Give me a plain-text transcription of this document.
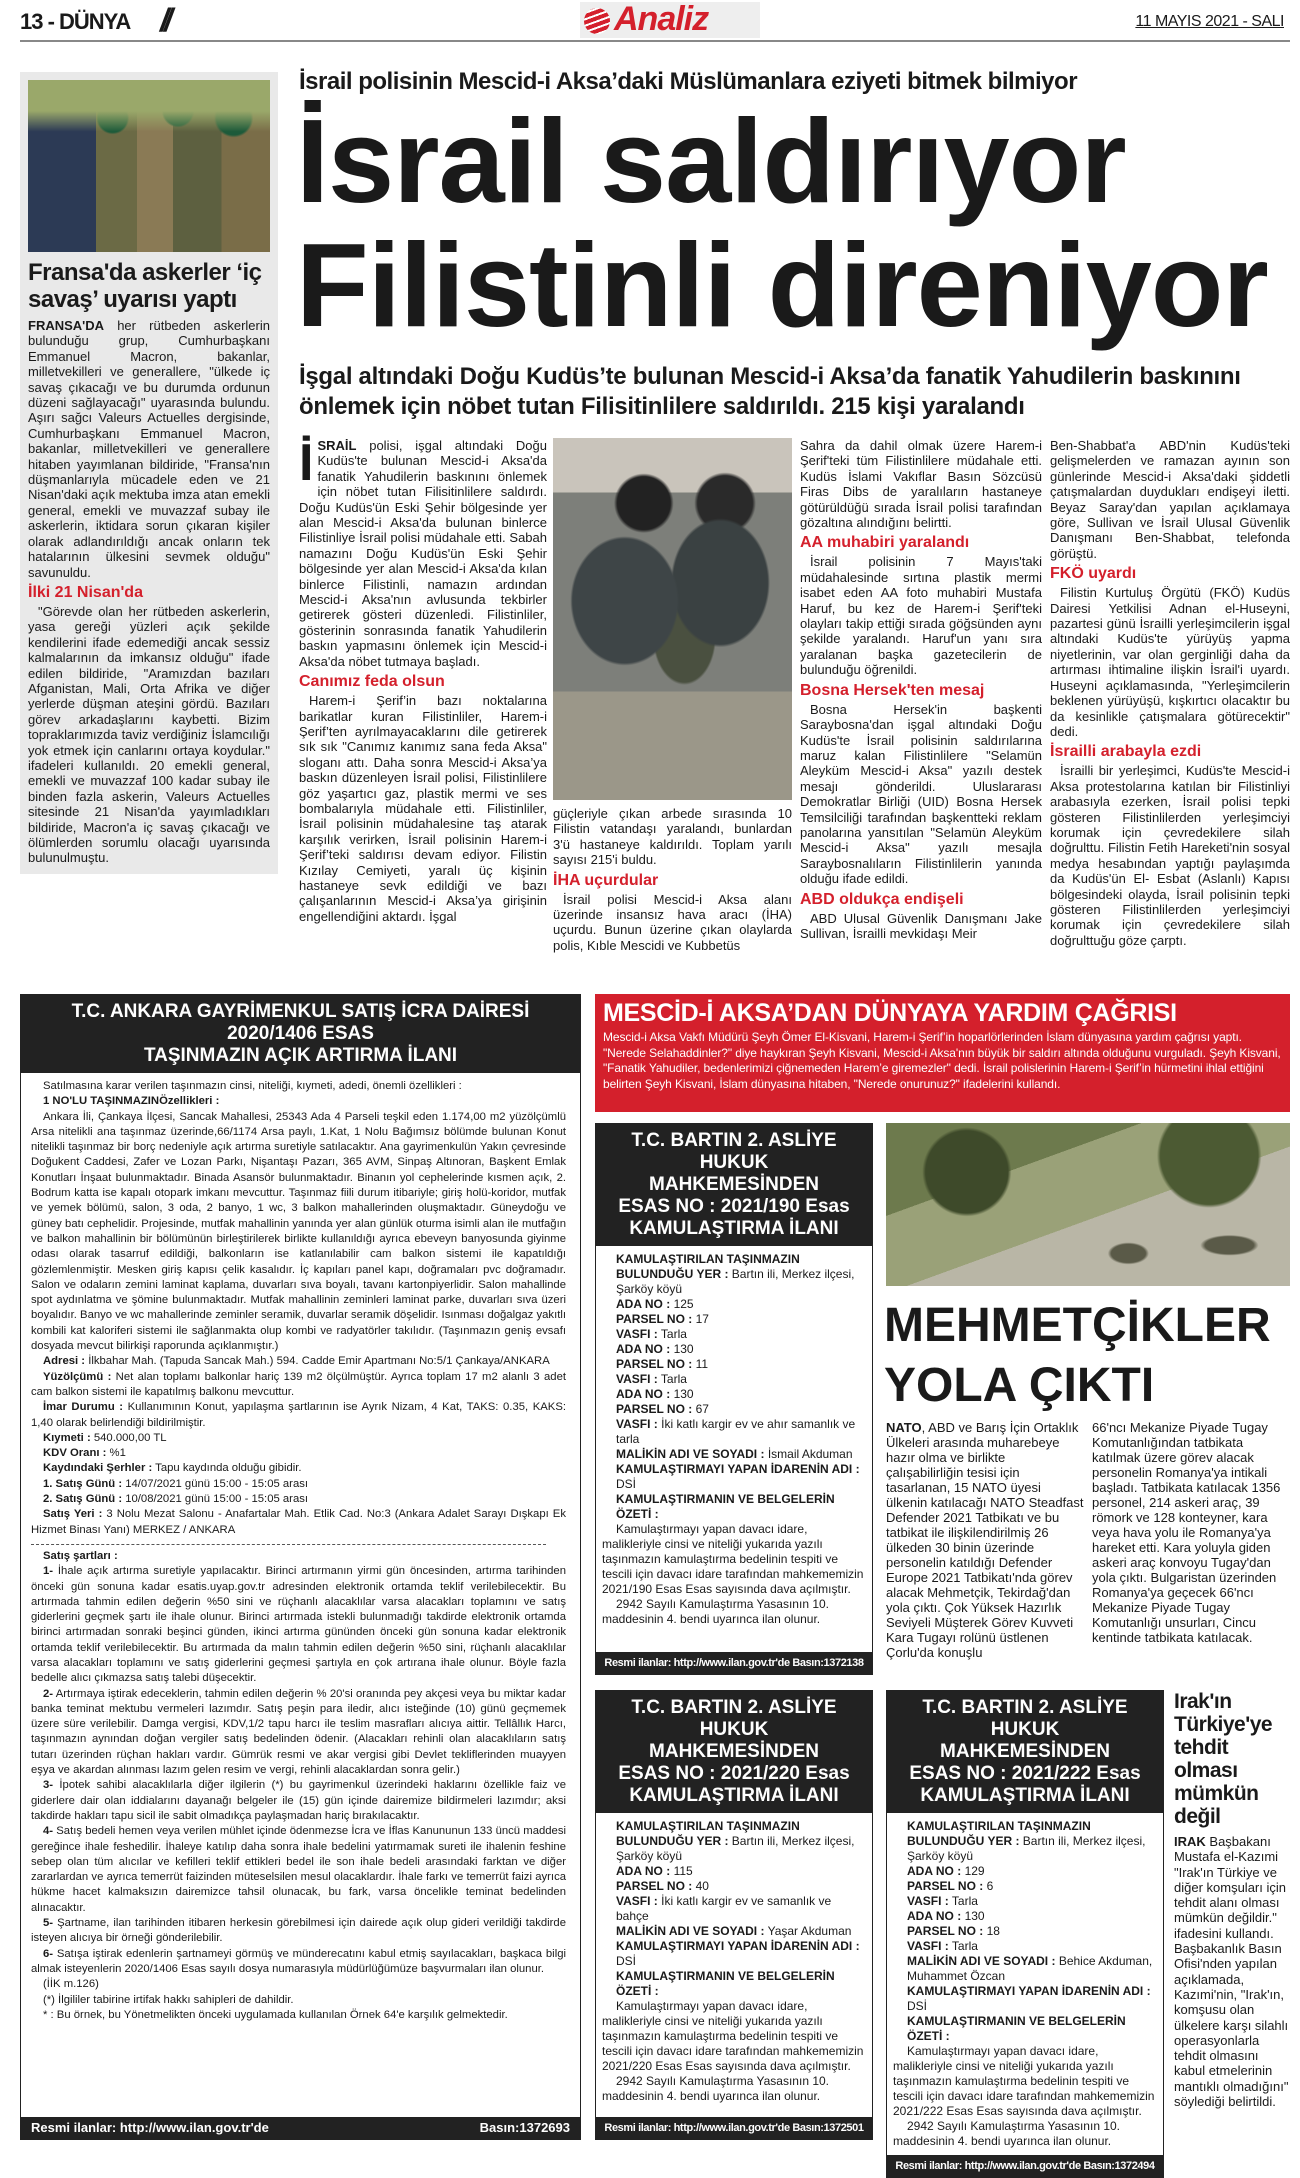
13 - DÜNYA //	Analiz	11 MAYIS 2021 - SALI
Fransa'da askerler ‘iç savaş’ uyarısı yaptı

FRANSA'DA her rütbeden askerlerin bulunduğu grup, Cumhurbaşkanı Emmanuel Macron, bakanlar, milletvekilleri ve generallere, "ülkede iç savaş çıkacağı ve bu durumda ordunun düzeni sağlayacağı" uyarasında bulundu. Aşırı sağcı Valeurs Actuelles dergisinde, Cumhurbaşkanı Emmanuel Macron, bakanlar, milletvekilleri ve generallere hitaben yayımlanan bildiride, "Fransa'nın düşmanlarıyla mücadele eden ve 21 Nisan'daki açık mektuba imza atan emekli general, emekli ve muvazzaf subay ile askerlerin, iktidara sorun çıkaran kişiler olarak adlandırıldığı ancak onların tek hatalarının ülkesini sevmek olduğu" savunuldu.

İlki 21 Nisan'da

"Görevde olan her rütbeden askerlerin, yasa gereği yüzleri açık şekilde kendilerini ifade edemediği ancak sessiz kalmalarının da imkansız olduğu" ifade edilen bildiride, "Aramızdan bazıları Afganistan, Mali, Orta Afrika ve diğer yerlerde düşman ateşini gördü. Bazıları görev arkadaşlarını kaybetti. Bizim topraklarımızda taviz verdiğiniz İslamcılığı yok etmek için canlarını ortaya koydular." ifadeleri kullanıldı. 20 emekli general, emekli ve muvazzaf 100 kadar subay ile binden fazla askerin, Valeurs Actuelles sitesinde 21 Nisan'da yayımladıkları bildiride, Macron'a iç savaş çıkacağı ve ölümlerden sorumlu olacağı uyarısında bulunulmuştu.

İsrail polisinin Mescid-i Aksa’daki Müslümanlara eziyeti bitmek bilmiyor
İsrail saldırıyor
Filistinli direniyor
İşgal altındaki Doğu Kudüs’te bulunan Mescid-i Aksa’da fanatik Yahudilerin baskınını önlemek için nöbet tutan Filisitinlilere saldırıldı. 215 kişi yaralandı

İSRAİL polisi, işgal altındaki Doğu Kudüs'te bulunan Mescid-i Aksa'da fanatik Yahudilerin baskınını önlemek için nöbet tutan Filisitinlilere saldırdı. Doğu Kudüs'ün Eski Şehir bölgesinde yer alan Mescid-i Aksa'da bulunan binlerce Filistinliye İsrail polisi müdahale etti. Sabah namazını Doğu Kudüs'ün Eski Şehir bölgesinde yer alan Mescid-i Aksa'da kılan binlerce Filistinli, namazın ardından Mescid-i Aksa'nın avlusunda tekbirler getirerek gösteri düzenledi. Filistinliler, gösterinin sonrasında fanatik Yahudilerin baskın yapmasını önlemek için Mescid-i Aksa'da nöbet tutmaya başladı.

Canımız feda olsun

Harem-i Şerif’in bazı noktalarına barikatlar kuran Filistinliler, Harem-i Şerif’ten ayrılmayacaklarını dile getirerek sık sık "Canımız kanımız sana feda Aksa" sloganı attı. Daha sonra Mescid-i Aksa’ya baskın düzenleyen İsrail polisi, Filistinlilere göz yaşartıcı gaz, plastik mermi ve ses bombalarıyla müdahale etti. Filistinliler, İsrail polisinin müdahalesine taş atarak karşılık verirken, İsrail polisinin Harem-i Şerif’teki saldırısı devam ediyor. Filistin Kızılay Cemiyeti, yaralı üç kişinin hastaneye sevk edildiği ve bazı çalışanlarının Mescid-i Aksa’ya girişinin engellendiğini aktardı. İşgal

güçleriyle çıkan arbede sırasında 10 Filistin vatandaşı yaralandı, bunlardan 3'ü hastaneye kaldırıldı. Toplam yarılı sayısı 215'i buldu.

İHA uçurdular

İsrail polisi Mescid-i Aksa alanı üzerinde insansız hava aracı (İHA) uçurdu. Bunun üzerine çıkan olaylarda polis, Kıble Mescidi ve Kubbetüs

Sahra da dahil olmak üzere Harem-i Şerif'teki tüm Filistinlilere müdahale etti. Kudüs İslami Vakıflar Basın Sözcüsü Firas Dibs de yaralıların hastaneye götürüldüğü sırada İsrail polisi tarafından gözaltına alındığını belirtti.

AA muhabiri yaralandı

İsrail polisinin 7 Mayıs'taki müdahalesinde sırtına plastik mermi isabet eden AA foto muhabiri Mustafa Haruf, bu kez de Harem-i Şerif'teki olayları takip ettiği sırada göğsünden aynı şekilde yaralandı. Haruf'un yanı sıra yaralanan başka gazetecilerin de bulunduğu öğrenildi.

Bosna Hersek'ten mesaj

Bosna Hersek'in başkenti Saraybosna'dan işgal altındaki Doğu Kudüs'te İsrail polisinin saldırılarına maruz kalan Filistinlilere "Selamün Aleyküm Mescid-i Aksa" yazılı destek mesajı gönderildi. Uluslararası Demokratlar Birliği (UID) Bosna Hersek Temsilciliği tarafından başkentteki reklam panolarına yansıtılan "Selamün Aleyküm Mescid-i Aksa" yazılı mesajla Saraybosnalıların Filistinlilerin yanında olduğu ifade edildi.

ABD oldukça endişeli

ABD Ulusal Güvenlik Danışmanı Jake Sullivan, İsrailli mevkidaşı Meir

Ben-Shabbat'a ABD'nin Kudüs'teki gelişmelerden ve ramazan ayının son günlerinde Mescid-i Aksa'daki şiddetli çatışmalardan duydukları endişeyi iletti. Beyaz Saray'dan yapılan açıklamaya göre, Sullivan ve İsrail Ulusal Güvenlik Danışmanı Ben-Shabbat, telefonda görüştü.

FKÖ uyardı

Filistin Kurtuluş Örgütü (FKÖ) Kudüs Dairesi Yetkilisi Adnan el-Huseyni, pazartesi günü İsrailli yerleşimcilerin işgal altındaki Kudüs'te yürüyüş yapma niyetlerinin, var olan gerginliği daha da artırması ihtimaline ilişkin İsrail'i uyardı. Huseyni açıklamasında, "Yerleşimcilerin beklenen yürüyüşü, kışkırtıcı olacaktır bu da kesinlikle çatışmalara götürecektir" dedi.

İsrailli arabayla ezdi

İsrailli bir yerleşimci, Kudüs'te Mescid-i Aksa protestolarına katılan bir Filistinliyi arabasıyla ezerken, İsrail polisi tepki gösteren Filistinlilerden yerleşimciyi korumak için çevredekilere silah doğrulttu. Filistin Fetih Hareketi'nin sosyal medya hesabından yaptığı paylaşımda da Kudüs'ün El- Esbat (Aslanlı) Kapısı bölgesindeki olayda, İsrail polisinin tepki gösteren Filistinlilerden yerleşimciyi korumak için çevredekilere silah doğrulttuğu göze çarptı.

T.C. ANKARA GAYRİMENKUL SATIŞ İCRA DAİRESİ
2020/1406 ESAS
TAŞINMAZIN AÇIK ARTIRMA İLANI

Satılmasına karar verilen taşınmazın cinsi, niteliği, kıymeti, adedi, önemli özellikleri :

1 NO'LU TAŞINMAZINÖzellikleri :

Ankara İli, Çankaya İlçesi, Sancak Mahallesi, 25343 Ada 4 Parseli teşkil eden 1.174,00 m2 yüzölçümlü Arsa nitelikli ana taşınmaz üzerinde,66/1174 Arsa paylı, 1.Kat, 1 Nolu Bağımsız bölümde bulunan Konut nitelikli taşınmaz bir borç nedeniyle açık artırma suretiyle satılacaktır. Ana gayrimenkulün Yakın çevresinde Doğukent Caddesi, Zafer ve Lozan Parkı, Nişantaşı Pazarı, 365 AVM, Sinpaş Altınoran, Başkent Emlak Konutları İnşaat bulunmaktadır. Binada Asansör bulunmaktadır. Binanın yol cephelerinde kısmen açık, 2. Bodrum katta ise kapalı otopark imkanı mevcuttur. Taşınmaz fiili durum itibariyle; giriş holü-koridor, mutfak ve yemek bölümü, salon, 3 oda, 2 banyo, 1 wc, 3 balkon mahallerinden oluşmaktadır. Güneydoğu ve güney batı cephelidir. Projesinde, mutfak mahallinin yanında yer alan günlük oturma isimli alan ile mutfağın ve balkon mahallinin bir bölümünün birleştirilerek birlikte kullanıldığı ayrıca ebeveyn banyosunda giyinme odası olarak tasarruf edildiği, balkonların ise katlanılabilir cam balkon sistemi ile kapatıldığı gözlemlenmiştir. Mesken giriş kapısı çelik kasalıdır. İç kapıları panel kapı, doğramaları pvc doğramadır. Salon ve odaların zemini laminat kaplama, duvarları sıva boyalı, tavanı kartonpiyerlidir. Salon mahallinde spot aydınlatma ve şömine bulunmaktadır. Mutfak mahallinin zeminleri laminat parke, duvarları sıva üzeri boyalıdır. Banyo ve wc mahallerinde zeminler seramik, duvarlar seramik döşelidir. Isınması doğalgaz yakıtlı kombili kat kaloriferi sistemi ile sağlanmakta olup kombi ve radyatörler takılıdır. (Taşınmazın geniş evsafı dosyada mevcut bilirkişi raporunda açıklanmıştır.)

Adresi : İlkbahar Mah. (Tapuda Sancak Mah.) 594. Cadde Emir Apartmanı No:5/1 Çankaya/ANKARA

Yüzölçümü : Net alan toplamı balkonlar hariç 139 m2 ölçülmüştür. Ayrıca toplam 17 m2 alanlı 3 adet cam balkon sistemi ile kapatılmış balkonu mevcuttur.

İmar Durumu : Kullanımının Konut, yapılaşma şartlarının ise Ayrık Nizam, 4 Kat, TAKS: 0.35, KAKS: 1,40 olarak belirlendiği bildirilmiştir.

Kıymeti : 540.000,00 TL

KDV Oranı : %1

Kaydındaki Şerhler : Tapu kaydında olduğu gibidir.

1. Satış Günü : 14/07/2021 günü 15:00 - 15:05 arası

2. Satış Günü : 10/08/2021 günü 15:00 - 15:05 arası

Satış Yeri : 3 Nolu Mezat Salonu - Anafartalar Mah. Etlik Cad. No:3 (Ankara Adalet Sarayı Dışkapı Ek Hizmet Binası Yanı) MERKEZ / ANKARA

Satış şartları :

1- İhale açık artırma suretiyle yapılacaktır. Birinci artırmanın yirmi gün öncesinden, artırma tarihinden önceki gün sonuna kadar esatis.uyap.gov.tr adresinden elektronik ortamda teklif verilebilecektir. Bu artırmada tahmin edilen değerin %50 sini ve rüçhanlı alacaklılar varsa alacakları toplamını ve satış giderlerini geçmek şartı ile ihale olunur. Birinci artırmada istekli bulunmadığı takdirde elektronik ortamda birinci artırmadan sonraki beşinci günden, ikinci artırma gününden önceki gün sonuna kadar elektronik ortamda teklif verilebilecektir. Bu artırmada da malın tahmin edilen değerin %50 sini, rüçhanlı alacaklılar varsa alacakları toplamını ve satış giderlerini geçmesi şartıyla en çok artırana ihale olunur. Böyle fazla bedelle alıcı çıkmazsa satış talebi düşecektir.

2- Artırmaya iştirak edeceklerin, tahmin edilen değerin % 20'si oranında pey akçesi veya bu miktar kadar banka teminat mektubu vermeleri lazımdır. Satış peşin para iledir, alıcı isteğinde (10) günü geçmemek üzere süre verilebilir. Damga vergisi, KDV,1/2 tapu harcı ile teslim masrafları alıcıya aittir. Tellâllık Harcı, taşınmazın aynından doğan vergiler satış bedelinden ödenir. (Alacakları rehinli olan alacaklıların satış tutarı üzerinden rüçhan hakları vardır. Gümrük resmi ve akar vergisi gibi Devlet tekliflerinden muayyen eşya ve akardan alınması lazım gelen resim ve vergi, rehinli alacaklardan sonra gelir.)

3- İpotek sahibi alacaklılarla diğer ilgilerin (*) bu gayrimenkul üzerindeki haklarını özellikle faiz ve giderlere dair olan iddialarını dayanağı belgeler ile (15) gün içinde dairemize bildirmeleri lazımdır; aksi takdirde hakları tapu sicil ile sabit olmadıkça paylaşmadan hariç bırakılacaktır.

4- Satış bedeli hemen veya verilen mühlet içinde ödenmezse İcra ve İflas Kanununun 133 üncü maddesi gereğince ihale feshedilir. İhaleye katılıp daha sonra ihale bedelini yatırmamak sureti ile ihalenin feshine sebep olan tüm alıcılar ve kefilleri teklif ettikleri bedel ile son ihale bedeli arasındaki farktan ve diğer zararlardan ve ayrıca temerrüt faizinden müteselsilen mesul olacaklardır. İhale farkı ve temerrüt faizi ayrıca hükme hacet kalmaksızın dairemizce tahsil olunacak, bu fark, varsa öncelikle teminat bedelinden alınacaktır.

5- Şartname, ilan tarihinden itibaren herkesin görebilmesi için dairede açık olup gideri verildiği takdirde isteyen alıcıya bir örneği gönderilebilir.

6- Satışa iştirak edenlerin şartnameyi görmüş ve münderecatını kabul etmiş sayılacakları, başkaca bilgi almak isteyenlerin 2020/1406 Esas sayılı dosya numarasıyla müdürlüğümüze başvurmaları ilan olunur.

(İİK m.126)

(*) İlgililer tabirine irtifak hakkı sahipleri de dahildir.

* : Bu örnek, bu Yönetmelikten önceki uygulamada kullanılan Örnek 64'e karşılık gelmektedir.

Resmi ilanlar: http://www.ilan.gov.tr'de	Basın:1372693
MESCİD-İ AKSA’DAN DÜNYAYA YARDIM ÇAĞRISI

Mescid-i Aksa Vakfı Müdürü Şeyh Ömer El-Kisvani, Harem-i Şerif’in hoparlörlerinden İslam dünyasına yardım çağrısı yaptı. "Nerede Selahaddinler?" diye haykıran Şeyh Kisvani, Mescid-i Aksa'nın büyük bir saldırı altında olduğunu vurguladı. Şeyh Kisvani, "Fanatik Yahudiler, bedenlerimizi çiğnemeden Harem’e giremezler" dedi. İsrail polislerinin Harem-i Şerif’in hürmetini ihlal ettiğini belirten Şeyh Kisvani, İslam dünyasına hitaben, "Nerede onurunuz?" ifadelerini kullandı.

T.C. BARTIN 2. ASLİYE HUKUK
MAHKEMESİNDEN
ESAS NO : 2021/190 Esas
KAMULAŞTIRMA İLANI
KAMULAŞTIRILAN TAŞINMAZIN BULUNDUĞU YER : Bartın ili, Merkez ilçesi, Şarköy köyü
ADA NO : 125
PARSEL NO : 17
VASFI : Tarla
ADA NO : 130
PARSEL NO : 11
VASFI : Tarla
ADA NO : 130
PARSEL NO : 67
VASFI : İki katlı kargir ev ve ahır samanlık ve tarla
MALİKİN ADI VE SOYADI : İsmail Akduman
KAMULAŞTIRMAYI YAPAN İDARENİN ADI : DSİ
KAMULAŞTIRMANIN VE BELGELERİN ÖZETİ :

Kamulaştırmayı yapan davacı idare, malikleriyle cinsi ve niteliği yukarıda yazılı taşınmazın kamulaştırma bedelinin tespiti ve tescili için davacı idare tarafından mahkememizin 2021/190 Esas Esas sayısında dava açılmıştır.

2942 Sayılı Kamulaştırma Yasasının 10. maddesinin 4. bendi uyarınca ilan olunur.

Resmi ilanlar: http://www.ilan.gov.tr'de Basın:1372138
T.C. BARTIN 2. ASLİYE HUKUK
MAHKEMESİNDEN
ESAS NO : 2021/220 Esas
KAMULAŞTIRMA İLANI
KAMULAŞTIRILAN TAŞINMAZIN BULUNDUĞU YER : Bartın ili, Merkez ilçesi, Şarköy köyü
ADA NO : 115
PARSEL NO : 40
VASFI : İki katlı kargir ev ve samanlık ve bahçe
MALİKİN ADI VE SOYADI : Yaşar Akduman
KAMULAŞTIRMAYI YAPAN İDARENİN ADI : DSİ
KAMULAŞTIRMANIN VE BELGELERİN ÖZETİ :

Kamulaştırmayı yapan davacı idare, malikleriyle cinsi ve niteliği yukarıda yazılı taşınmazın kamulaştırma bedelinin tespiti ve tescili için davacı idare tarafından mahkememizin 2021/220 Esas Esas sayısında dava açılmıştır.

2942 Sayılı Kamulaştırma Yasasının 10. maddesinin 4. bendi uyarınca ilan olunur.

Resmi ilanlar: http://www.ilan.gov.tr'de Basın:1372501
T.C. BARTIN 2. ASLİYE HUKUK
MAHKEMESİNDEN
ESAS NO : 2021/222 Esas
KAMULAŞTIRMA İLANI
KAMULAŞTIRILAN TAŞINMAZIN BULUNDUĞU YER : Bartın ili, Merkez ilçesi, Şarköy köyü
ADA NO : 129
PARSEL NO : 6
VASFI : Tarla
ADA NO : 130
PARSEL NO : 18
VASFI : Tarla
MALİKİN ADI VE SOYADI : Behice Akduman, Muhammet Özcan
KAMULAŞTIRMAYI YAPAN İDARENİN ADI : DSİ
KAMULAŞTIRMANIN VE BELGELERİN ÖZETİ :

Kamulaştırmayı yapan davacı idare, malikleriyle cinsi ve niteliği yukarıda yazılı taşınmazın kamulaştırma bedelinin tespiti ve tescili için davacı idare tarafından mahkememizin 2021/222 Esas Esas sayısında dava açılmıştır.

2942 Sayılı Kamulaştırma Yasasının 10. maddesinin 4. bendi uyarınca ilan olunur.

Resmi ilanlar: http://www.ilan.gov.tr'de Basın:1372494
MEHMETÇİKLER
YOLA ÇIKTI

NATO, ABD ve Barış İçin Ortaklık Ülkeleri arasında muharebeye hazır olma ve birlikte çalışabilirliğin tesisi için tasarlanan, 15 NATO üyesi ülkenin katılacağı NATO Steadfast Defender 2021 Tatbikatı ve bu tatbikat ile ilişkilendirilmiş 26 ülkeden 30 binin üzerinde personelin katıldığı Defender Europe 2021 Tatbikatı'nda görev alacak Mehmetçik, Tekirdağ'dan yola çıktı. Çok Yüksek Hazırlık Seviyeli Müşterek Görev Kuvveti Kara Tugayı rolünü üstlenen Çorlu'da konuşlu

66'ncı Mekanize Piyade Tugay Komutanlığından tatbikata katılmak üzere görev alacak personelin Romanya'ya intikali başladı. Tatbikata katılacak 1356 personel, 214 askeri araç, 39 römork ve 128 konteyner, kara veya hava yolu ile Romanya'ya hareket etti. Kara yoluyla giden askeri araç konvoyu Tugay'dan yola çıktı. Bulgaristan üzerinden Romanya'ya geçecek 66'ncı Mekanize Piyade Tugay Komutanlığı unsurları, Cincu kentinde tatbikata katılacak.

Irak'ın Türkiye'ye tehdit olması mümkün değil

IRAK Başbakanı Mustafa el-Kazımi "Irak'ın Türkiye ve diğer komşuları için tehdit alanı olması mümkün değildir." ifadesini kullandı. Başbakanlık Basın Ofisi'nden yapılan açıklamada, Kazımi'nin, "Irak'ın, komşusu olan ülkelere karşı silahlı operasyonlarla tehdit olmasını kabul etmelerinin mantıklı olmadığını" söylediği belirtildi.
